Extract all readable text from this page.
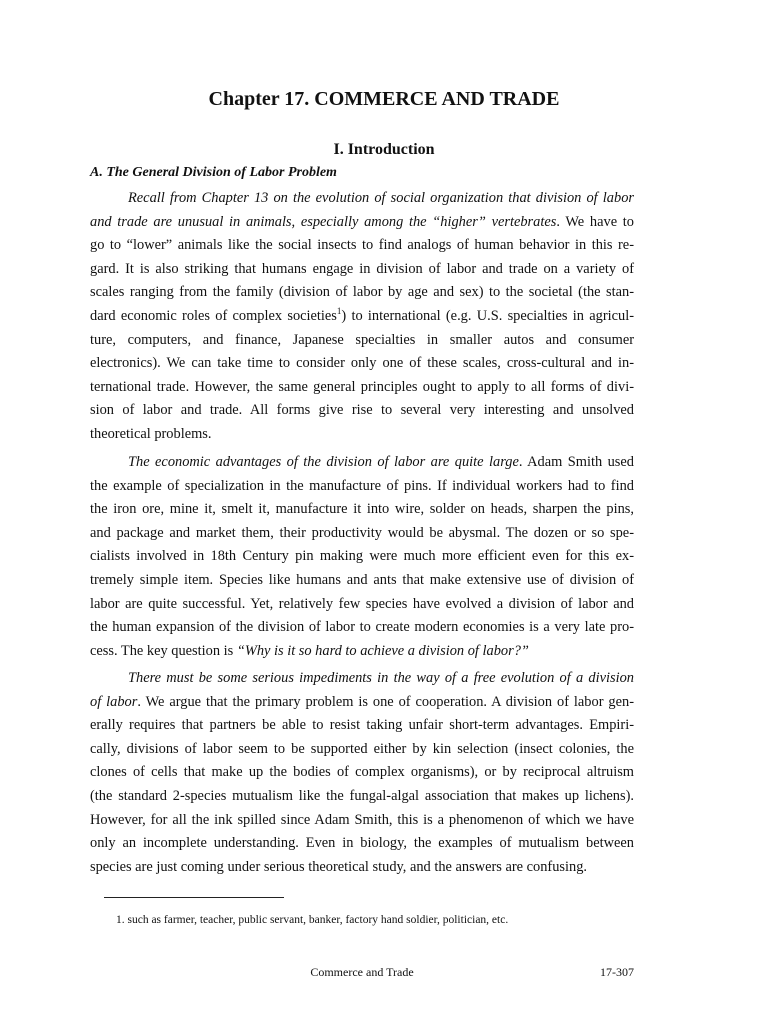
Chapter 17. COMMERCE AND TRADE
I. Introduction
A. The General Division of Labor Problem
Recall from Chapter 13 on the evolution of social organization that division of labor
and trade are unusual in animals, especially among the “higher” vertebrates. We have to
go to “lower” animals like the social insects to find analogs of human behavior in this re-
gard. It is also striking that humans engage in division of labor and trade on a variety of
scales ranging from the family (division of labor by age and sex) to the societal (the stan-
dard economic roles of complex societies$^1$) to international (e.g. U.S. specialties in agricul-
ture, computers, and finance, Japanese specialties in smaller autos and consumer
electronics). We can take time to consider only one of these scales, cross-cultural and in-
ternational trade. However, the same general principles ought to apply to all forms of divi-
sion of labor and trade. All forms give rise to several very interesting and unsolved
theoretical problems.
The economic advantages of the division of labor are quite large. Adam Smith used
the example of specialization in the manufacture of pins. If individual workers had to find
the iron ore, mine it, smelt it, manufacture it into wire, solder on heads, sharpen the pins,
and package and market them, their productivity would be abysmal. The dozen or so spe-
cialists involved in 18th Century pin making were much more efficient even for this ex-
tremely simple item. Species like humans and ants that make extensive use of division of
labor are quite successful. Yet, relatively few species have evolved a division of labor and
the human expansion of the division of labor to create modern economies is a very late pro-
cess. The key question is “Why is it so hard to achieve a division of labor?”
There must be some serious impediments in the way of a free evolution of a division
of labor. We argue that the primary problem is one of cooperation. A division of labor gen-
erally requires that partners be able to resist taking unfair short-term advantages. Empiri-
cally, divisions of labor seem to be supported either by kin selection (insect colonies, the
clones of cells that make up the bodies of complex organisms), or by reciprocal altruism
(the standard 2-species mutualism like the fungal-algal association that makes up lichens).
However, for all the ink spilled since Adam Smith, this is a phenomenon of which we have
only an incomplete understanding. Even in biology, the examples of mutualism between
species are just coming under serious theoretical study, and the answers are confusing.
1. such as farmer, teacher, public servant, banker, factory hand soldier, politician, etc.
Commerce and Trade	17-307
